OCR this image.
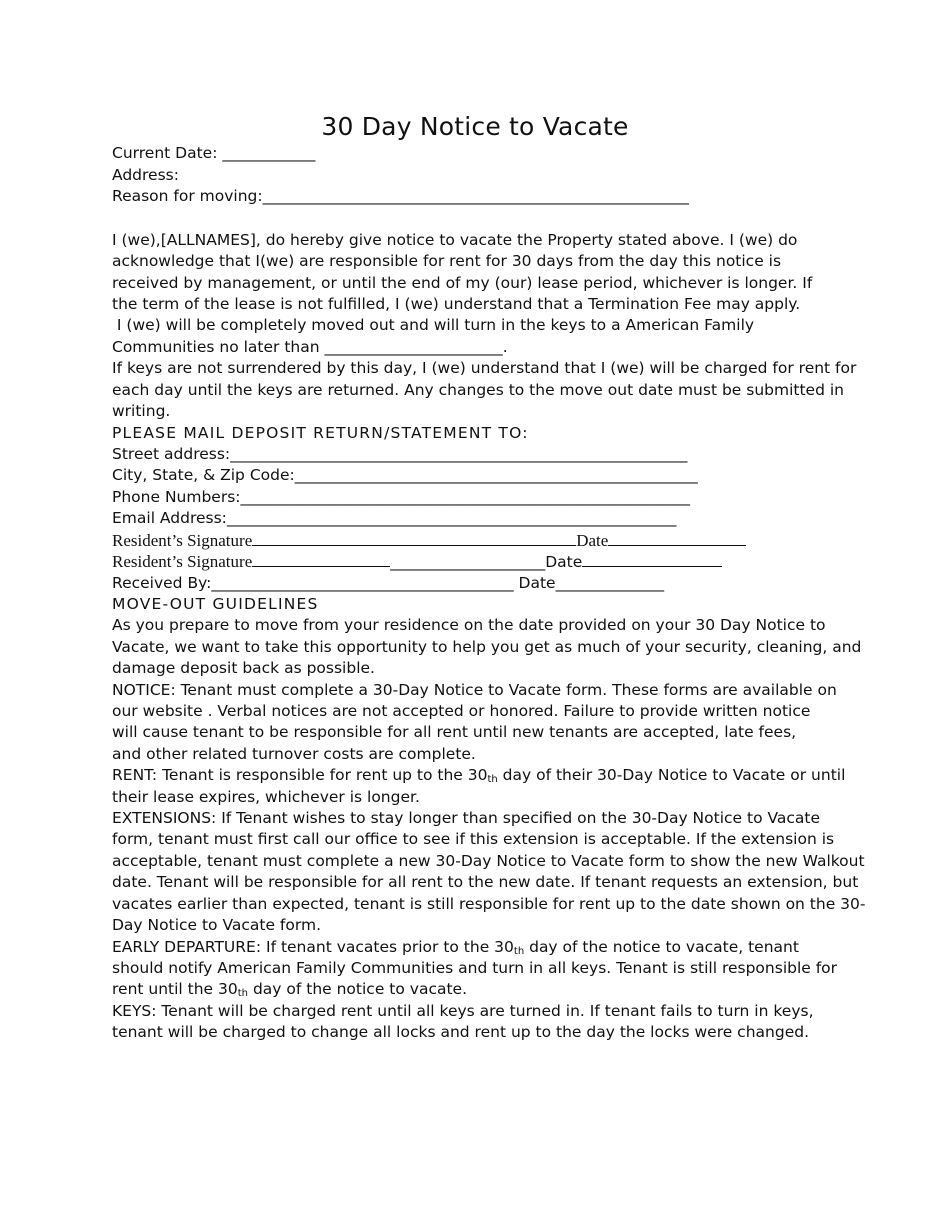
30 Day Notice to Vacate

Current Date: ____________

Address:

Reason for moving:_______________________________________________________

I (we),[ALLNAMES], do hereby give notice to vacate the Property stated above. I (we) do

acknowledge that I(we) are responsible for rent for 30 days from the day this notice is

received by management, or until the end of my (our) lease period, whichever is longer. If

the term of the lease is not fulfilled, I (we) understand that a Termination Fee may apply.

I (we) will be completely moved out and will turn in the keys to a American Family

Communities no later than _______________________.

If keys are not surrendered by this day, I (we) understand that I (we) will be charged for rent for

each day until the keys are returned. Any changes to the move out date must be submitted in

writing.

PLEASE MAIL DEPOSIT RETURN/STATEMENT TO:

Street address:___________________________________________________________

City, State, & Zip Code:____________________________________________________

Phone Numbers:__________________________________________________________

Email Address:__________________________________________________________

Resident’s Signature	Date

Resident’s Signature	____________________Date

Received By:_______________________________________ Date______________

MOVE-OUT GUIDELINES

As you prepare to move from your residence on the date provided on your 30 Day Notice to

Vacate, we want to take this opportunity to help you get as much of your security, cleaning, and

damage deposit back as possible.

NOTICE: Tenant must complete a 30-Day Notice to Vacate form. These forms are available on

our website . Verbal notices are not accepted or honored. Failure to provide written notice

will cause tenant to be responsible for all rent until new tenants are accepted, late fees,

and other related turnover costs are complete.

RENT: Tenant is responsible for rent up to the 30th day of their 30-Day Notice to Vacate or until

their lease expires, whichever is longer.

EXTENSIONS: If Tenant wishes to stay longer than specified on the 30-Day Notice to Vacate

form, tenant must first call our office to see if this extension is acceptable. If the extension is

acceptable, tenant must complete a new 30-Day Notice to Vacate form to show the new Walkout

date. Tenant will be responsible for all rent to the new date. If tenant requests an extension, but

vacates earlier than expected, tenant is still responsible for rent up to the date shown on the 30-

Day Notice to Vacate form.

EARLY DEPARTURE: If tenant vacates prior to the 30th day of the notice to vacate, tenant

should notify American Family Communities and turn in all keys. Tenant is still responsible for

rent until the 30th day of the notice to vacate.

KEYS: Tenant will be charged rent until all keys are turned in. If tenant fails to turn in keys,

tenant will be charged to change all locks and rent up to the day the locks were changed.
